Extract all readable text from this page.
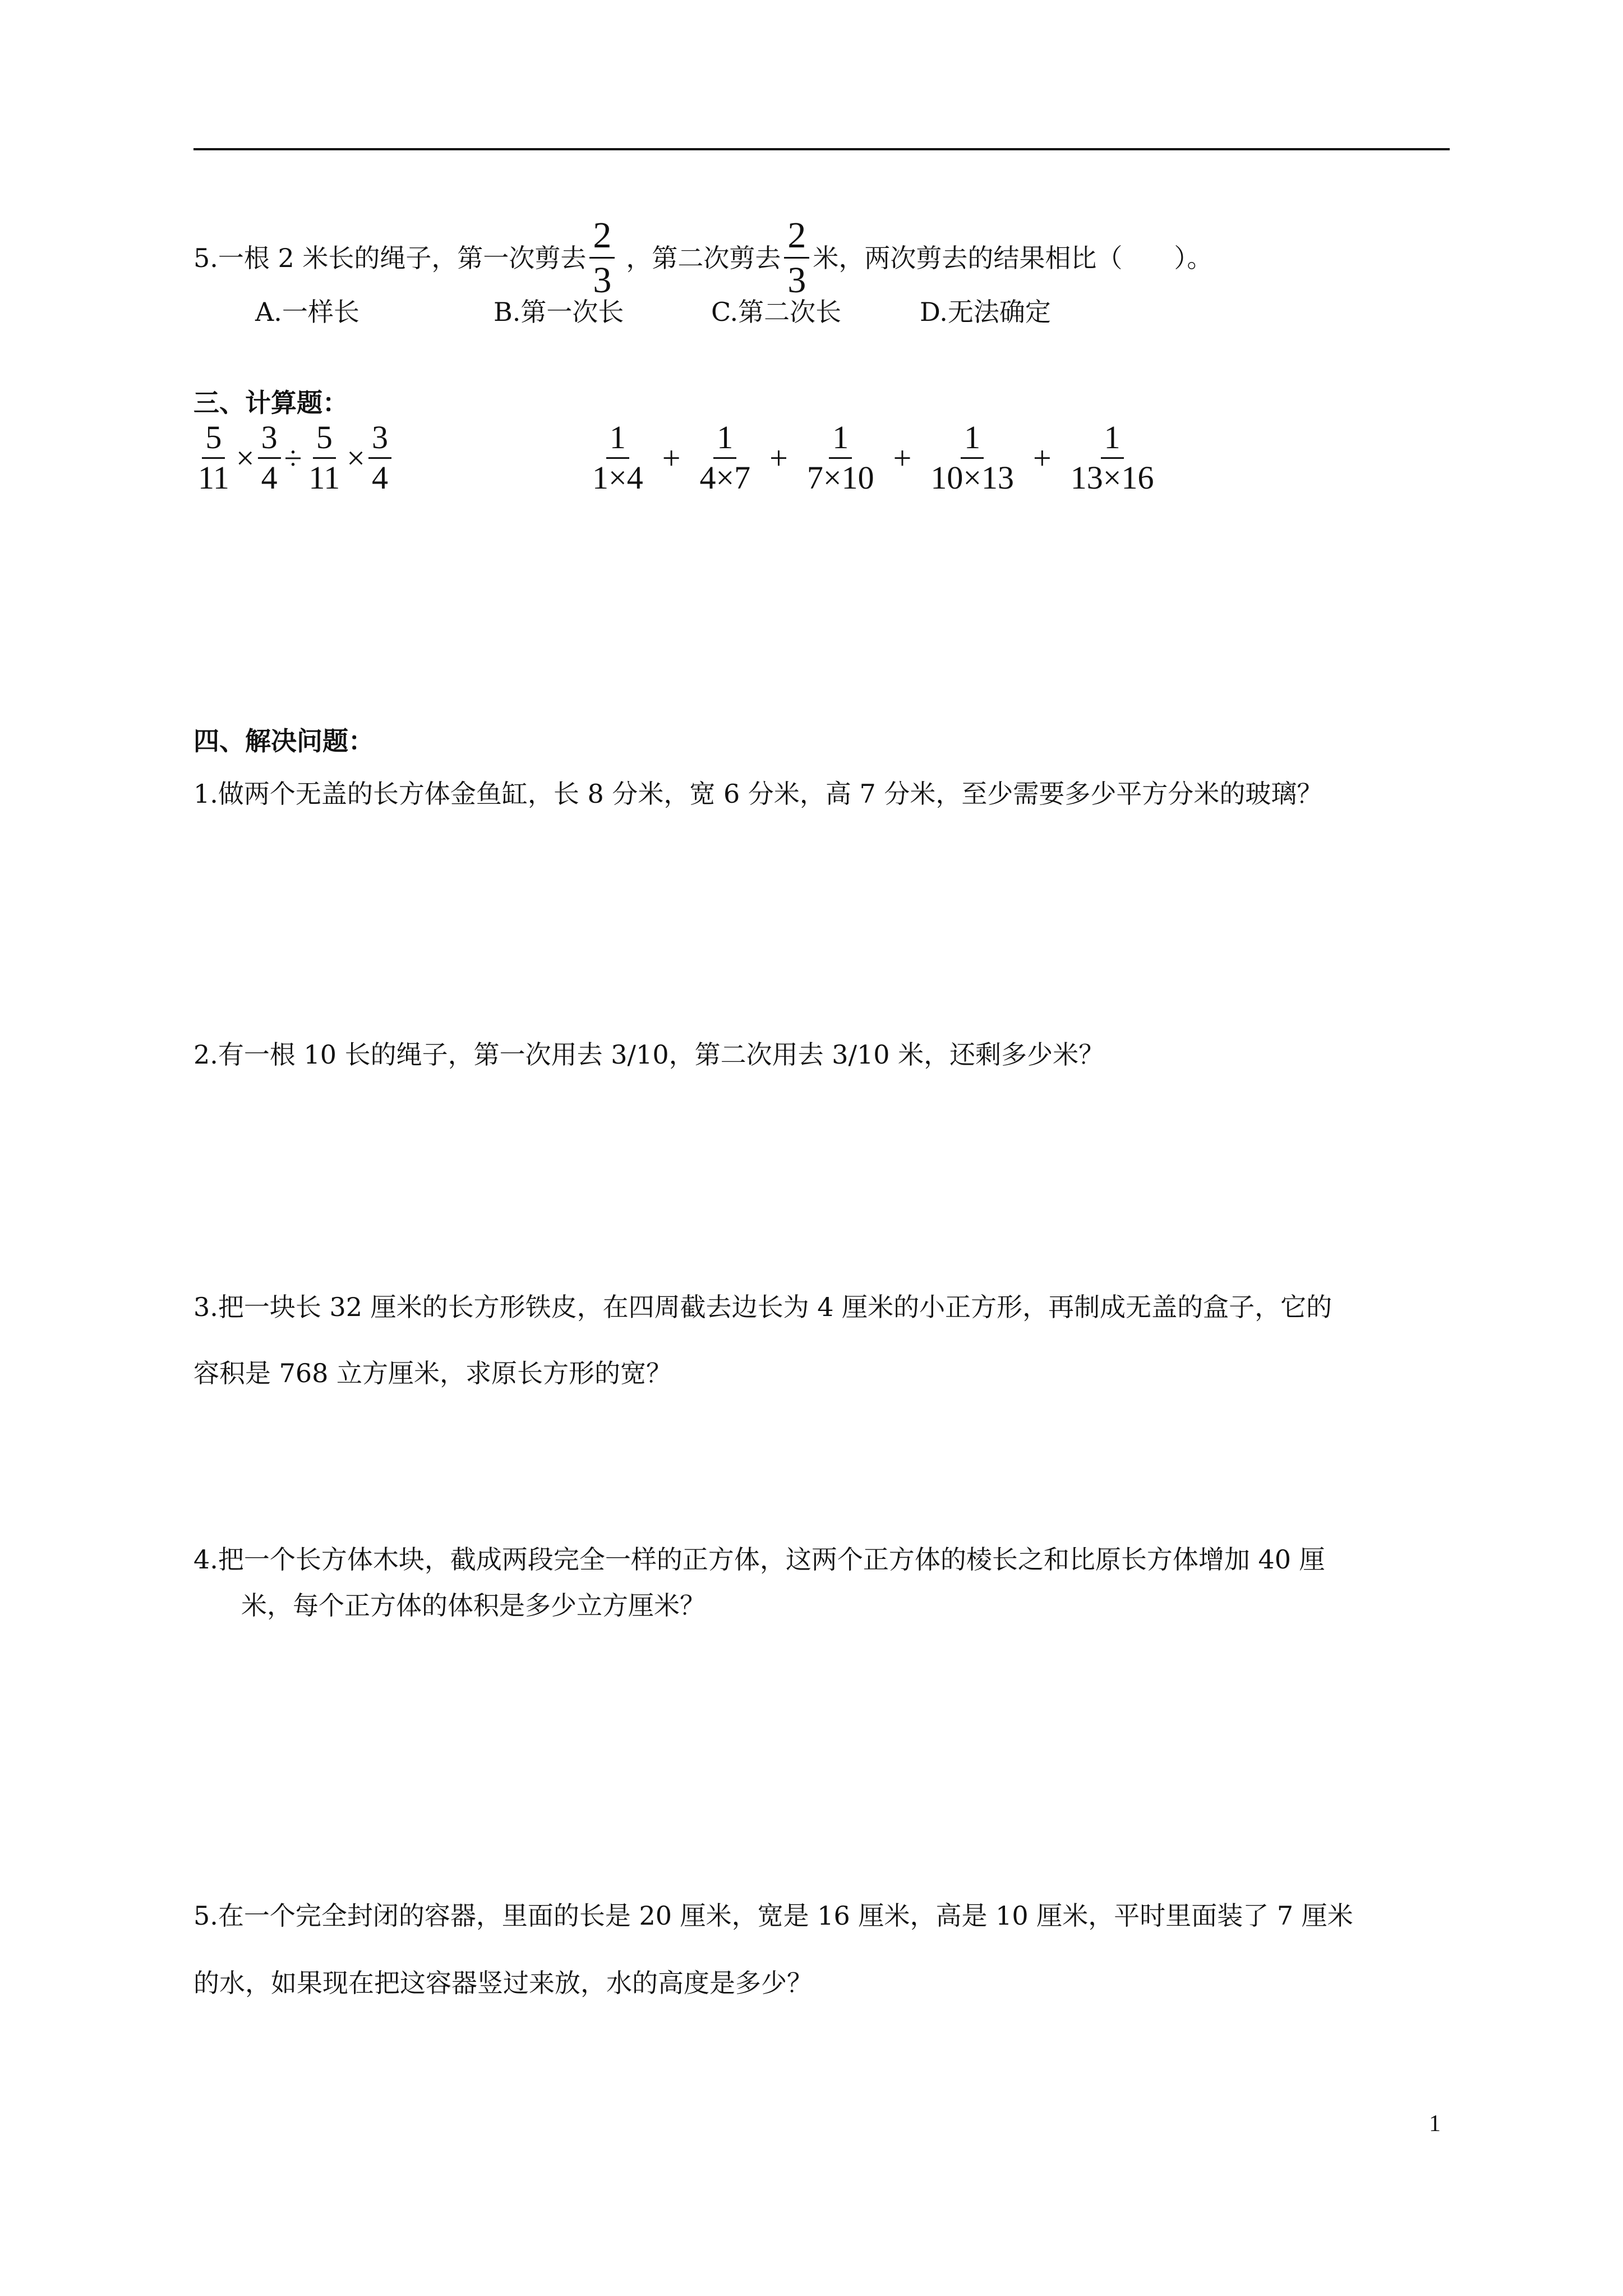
5.一根 2 米长的绳子，第一次剪去 $\frac{2}{3}$ ，第二次剪去 $\frac{2}{3}$ 米，两次剪去的结果相比（　　）。
A.一样长	B.第一次长	C.第二次长	D.无法确定
三、计算题：
$\frac{5}{11} \times \frac{3}{4} \div \frac{5}{11} \times \frac{3}{4}$	$\frac{1}{1\times 4} + \frac{1}{4\times 7} + \frac{1}{7\times 10} + \frac{1}{10\times 13} + \frac{1}{13\times 16}$
四、解决问题：
1.做两个无盖的长方体金鱼缸，长 8 分米，宽 6 分米，高 7 分米，至少需要多少平方分米的玻璃？
2.有一根 10 长的绳子，第一次用去 3/10，第二次用去 3/10 米，还剩多少米？
3.把一块长 32 厘米的长方形铁皮，在四周截去边长为 4 厘米的小正方形，再制成无盖的盒子，它的
容积是 768 立方厘米，求原长方形的宽？
4.把一个长方体木块，截成两段完全一样的正方体，这两个正方体的棱长之和比原长方体增加 40 厘
米，每个正方体的体积是多少立方厘米？
5.在一个完全封闭的容器，里面的长是 20 厘米，宽是 16 厘米，高是 10 厘米，平时里面装了 7 厘米
的水，如果现在把这容器竖过来放，水的高度是多少？
1
